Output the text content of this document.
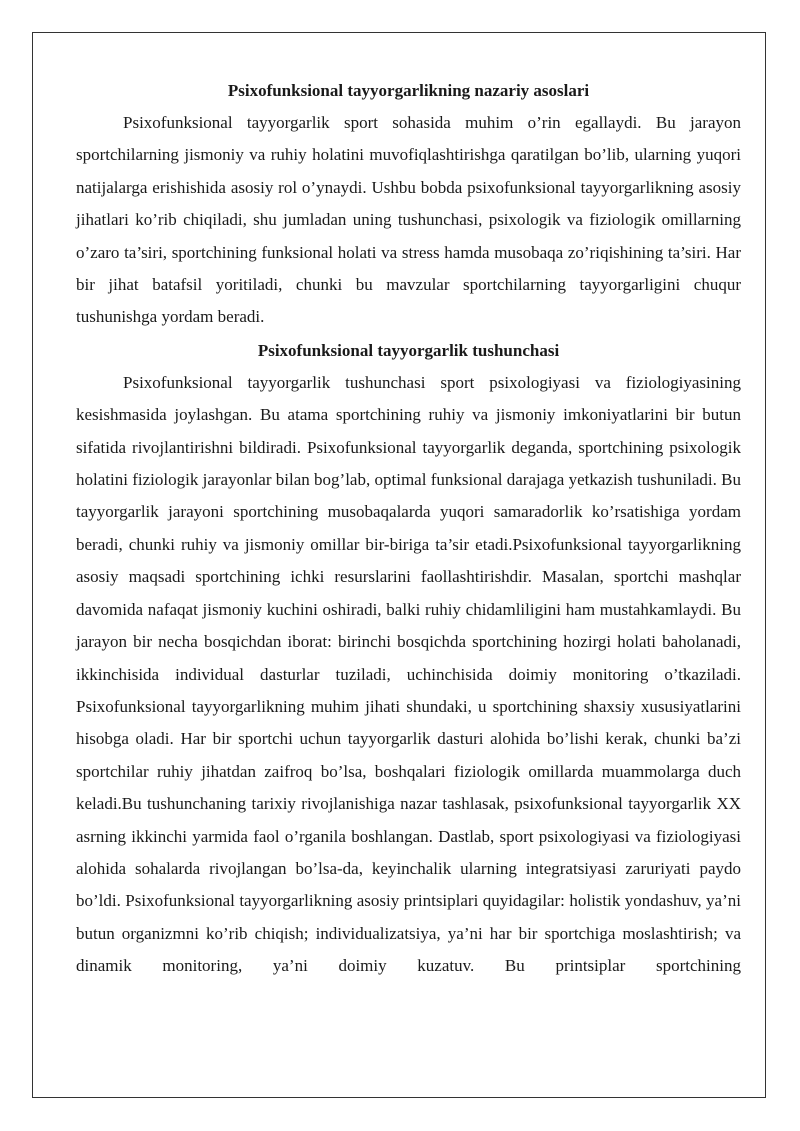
Psixofunksional tayyorgarlikning nazariy asoslari

Psixofunksional tayyorgarlik sport sohasida muhim o’rin egallaydi. Bu jarayon sportchilarning jismoniy va ruhiy holatini muvofiqlashtirishga qaratilgan bo’lib, ularning yuqori natijalarga erishishida asosiy rol o’ynaydi. Ushbu bobda psixofunksional tayyorgarlikning asosiy jihatlari ko’rib chiqiladi, shu jumladan uning tushunchasi, psixologik va fiziologik omillarning o’zaro ta’siri, sportchining funksional holati va stress hamda musobaqa zo’riqishining ta’siri. Har bir jihat batafsil yoritiladi, chunki bu mavzular sportchilarning tayyorgarligini chuqur tushunishga yordam beradi.

Psixofunksional tayyorgarlik tushunchasi

Psixofunksional tayyorgarlik tushunchasi sport psixologiyasi va fiziologiyasining kesishmasida joylashgan. Bu atama sportchining ruhiy va jismoniy imkoniyatlarini bir butun sifatida rivojlantirishni bildiradi. Psixofunksional tayyorgarlik deganda, sportchining psixologik holatini fiziologik jarayonlar bilan bog’lab, optimal funksional darajaga yetkazish tushuniladi. Bu tayyorgarlik jarayoni sportchining musobaqalarda yuqori samaradorlik ko’rsatishiga yordam beradi, chunki ruhiy va jismoniy omillar bir-biriga ta’sir etadi.Psixofunksional tayyorgarlikning asosiy maqsadi sportchining ichki resurslarini faollashtirishdir. Masalan, sportchi mashqlar davomida nafaqat jismoniy kuchini oshiradi, balki ruhiy chidamliligini ham mustahkamlaydi. Bu jarayon bir necha bosqichdan iborat: birinchi bosqichda sportchining hozirgi holati baholanadi, ikkinchisida individual dasturlar tuziladi, uchinchisida doimiy monitoring o’tkaziladi. Psixofunksional tayyorgarlikning muhim jihati shundaki, u sportchining shaxsiy xususiyatlarini hisobga oladi. Har bir sportchi uchun tayyorgarlik dasturi alohida bo’lishi kerak, chunki ba’zi sportchilar ruhiy jihatdan zaifroq bo’lsa, boshqalari fiziologik omillarda muammolarga duch keladi.Bu tushunchaning tarixiy rivojlanishiga nazar tashlasak, psixofunksional tayyorgarlik XX asrning ikkinchi yarmida faol o’rganila boshlangan. Dastlab, sport psixologiyasi va fiziologiyasi alohida sohalarda rivojlangan bo’lsa-da, keyinchalik ularning integratsiyasi zaruriyati paydo bo’ldi. Psixofunksional tayyorgarlikning asosiy printsiplari quyidagilar: holistik yondashuv, ya’ni butun organizmni ko’rib chiqish; individualizatsiya, ya’ni har bir sportchiga moslashtirish; va dinamik monitoring, ya’ni doimiy kuzatuv. Bu printsiplar sportchining
